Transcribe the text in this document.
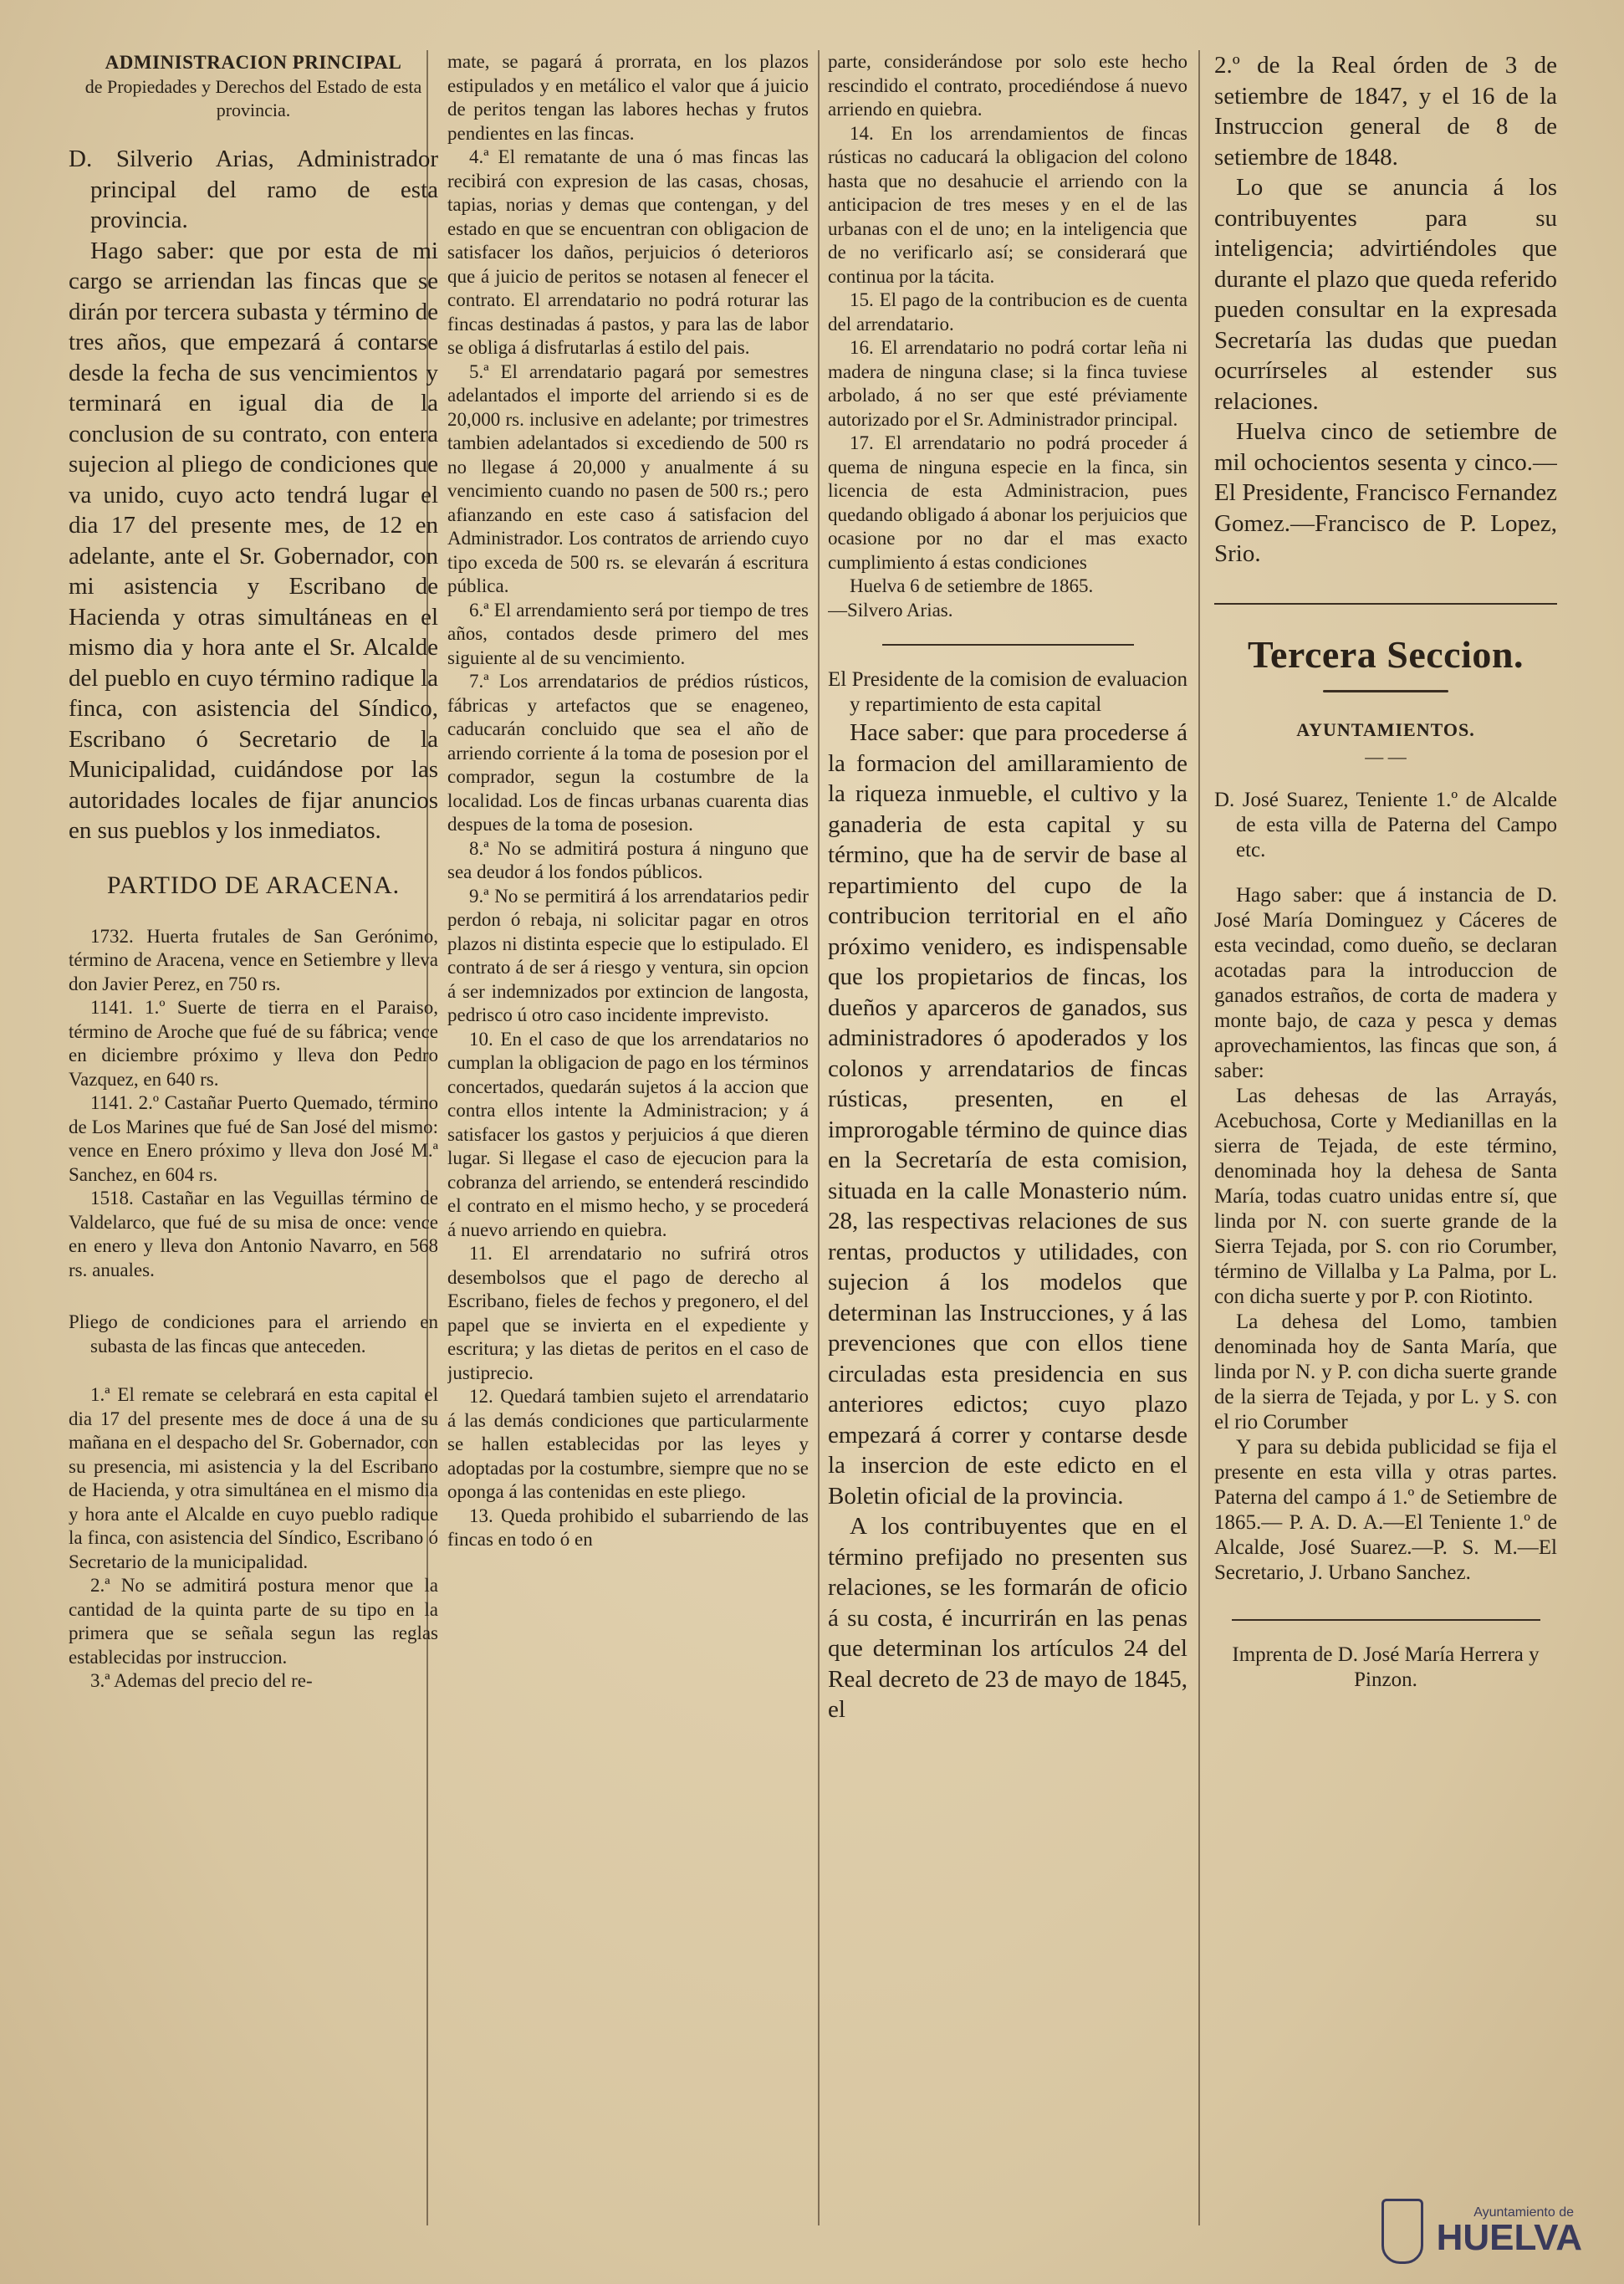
ADMINISTRACION PRINCIPAL
de Propiedades y Derechos del Estado de esta provincia.

D. Silverio Arias, Administrador principal del ramo de esta provincia.

Hago saber: que por esta de mi cargo se arriendan las fincas que se dirán por tercera subasta y término de tres años, que empezará á contarse desde la fecha de sus vencimientos y terminará en igual dia de la conclusion de su contrato, con entera sujecion al pliego de condiciones que va unido, cuyo acto tendrá lugar el dia 17 del presente mes, de 12 en adelante, ante el Sr. Gobernador, con mi asistencia y Escribano de Hacienda y otras simultáneas en el mismo dia y hora ante el Sr. Alcalde del pueblo en cuyo término radique la finca, con asistencia del Síndico, Escribano ó Secretario de la Municipalidad, cuidándose por las autoridades locales de fijar anuncios en sus pueblos y los inmediatos.

PARTIDO DE ARACENA.

1732. Huerta frutales de San Gerónimo, término de Aracena, vence en Setiembre y lleva don Javier Perez, en 750 rs.

1141. 1.º Suerte de tierra en el Paraiso, término de Aroche que fué de su fábrica; vence en diciembre próximo y lleva don Pedro Vazquez, en 640 rs.

1141. 2.º Castañar Puerto Quemado, término de Los Marines que fué de San José del mismo: vence en Enero próximo y lleva don José M.ª Sanchez, en 604 rs.

1518. Castañar en las Veguillas término de Valdelarco, que fué de su misa de once: vence en enero y lleva don Antonio Navarro, en 568 rs. anuales.

Pliego de condiciones para el arriendo en subasta de las fincas que anteceden.

1.ª El remate se celebrará en esta capital el dia 17 del presente mes de doce á una de su mañana en el despacho del Sr. Gobernador, con su presencia, mi asistencia y la del Escribano de Hacienda, y otra simultánea en el mismo dia y hora ante el Alcalde en cuyo pueblo radique la finca, con asistencia del Síndico, Escribano ó Secretario de la municipalidad.

2.ª No se admitirá postura menor que la cantidad de la quinta parte de su tipo en la primera que se señala segun las reglas establecidas por instruccion.

3.ª Ademas del precio del re-

mate, se pagará á prorrata, en los plazos estipulados y en metálico el valor que á juicio de peritos tengan las labores hechas y frutos pendientes en las fincas.

4.ª El rematante de una ó mas fincas las recibirá con expresion de las casas, chosas, tapias, norias y demas que contengan, y del estado en que se encuentran con obligacion de satisfacer los daños, perjuicios ó deterioros que á juicio de peritos se notasen al fenecer el contrato. El arrendatario no podrá roturar las fincas destinadas á pastos, y para las de labor se obliga á disfrutarlas á estilo del pais.

5.ª El arrendatario pagará por semestres adelantados el importe del arriendo si es de 20,000 rs. inclusive en adelante; por trimestres tambien adelantados si excediendo de 500 rs no llegase á 20,000 y anualmente á su vencimiento cuando no pasen de 500 rs.; pero afianzando en este caso á satisfacion del Administrador. Los contratos de arriendo cuyo tipo exceda de 500 rs. se elevarán á escritura pública.

6.ª El arrendamiento será por tiempo de tres años, contados desde primero del mes siguiente al de su vencimiento.

7.ª Los arrendatarios de prédios rústicos, fábricas y artefactos que se enageneo, caducarán concluido que sea el año de arriendo corriente á la toma de posesion por el comprador, segun la costumbre de la localidad. Los de fincas urbanas cuarenta dias despues de la toma de posesion.

8.ª No se admitirá postura á ninguno que sea deudor á los fondos públicos.

9.ª No se permitirá á los arrendatarios pedir perdon ó rebaja, ni solicitar pagar en otros plazos ni distinta especie que lo estipulado. El contrato á de ser á riesgo y ventura, sin opcion á ser indemnizados por extincion de langosta, pedrisco ú otro caso incidente imprevisto.

10. En el caso de que los arrendatarios no cumplan la obligacion de pago en los términos concertados, quedarán sujetos á la accion que contra ellos intente la Administracion; y á satisfacer los gastos y perjuicios á que dieren lugar. Si llegase el caso de ejecucion para la cobranza del arriendo, se entenderá rescindido el contrato en el mismo hecho, y se procederá á nuevo arriendo en quiebra.

11. El arrendatario no sufrirá otros desembolsos que el pago de derecho al Escribano, fieles de fechos y pregonero, el del papel que se invierta en el expediente y escritura; y las dietas de peritos en el caso de justiprecio.

12. Quedará tambien sujeto el arrendatario á las demás condiciones que particularmente se hallen establecidas por las leyes y adoptadas por la costumbre, siempre que no se oponga á las contenidas en este pliego.

13. Queda prohibido el subarriendo de las fincas en todo ó en

parte, considerándose por solo este hecho rescindido el contrato, procediéndose á nuevo arriendo en quiebra.

14. En los arrendamientos de fincas rústicas no caducará la obligacion del colono hasta que no desahucie el arriendo con la anticipacion de tres meses y en el de las urbanas con el de uno; en la inteligencia que de no verificarlo así; se considerará que continua por la tácita.

15. El pago de la contribucion es de cuenta del arrendatario.

16. El arrendatario no podrá cortar leña ni madera de ninguna clase; si la finca tuviese arbolado, á no ser que esté préviamente autorizado por el Sr. Administrador principal.

17. El arrendatario no podrá proceder á quema de ninguna especie en la finca, sin licencia de esta Administracion, pues quedando obligado á abonar los perjuicios que ocasione por no dar el mas exacto cumplimiento á estas condiciones

Huelva 6 de setiembre de 1865.

—Silvero Arias.

El Presidente de la comision de evaluacion y repartimiento de esta capital

Hace saber: que para procederse á la formacion del amillaramiento de la riqueza inmueble, el cultivo y la ganaderia de esta capital y su término, que ha de servir de base al repartimiento del cupo de la contribucion territorial en el año próximo venidero, es indispensable que los propietarios de fincas, los dueños y aparceros de ganados, sus administradores ó apoderados y los colonos y arrendatarios de fincas rústicas, presenten, en el improrogable término de quince dias en la Secretaría de esta comision, situada en la calle Monasterio núm. 28, las respectivas relaciones de sus rentas, productos y utilidades, con sujecion á los modelos que determinan las Instrucciones, y á las prevenciones que con ellos tiene circuladas esta presidencia en sus anteriores edictos; cuyo plazo empezará á correr y contarse desde la insercion de este edicto en el Boletin oficial de la provincia.

A los contribuyentes que en el término prefijado no presenten sus relaciones, se les formarán de oficio á su costa, é incurrirán en las penas que determinan los artículos 24 del Real decreto de 23 de mayo de 1845, el

2.º de la Real órden de 3 de setiembre de 1847, y el 16 de la Instruccion general de 8 de setiembre de 1848.

Lo que se anuncia á los contribuyentes para su inteligencia; advirtiéndoles que durante el plazo que queda referido pueden consultar en la expresada Secretaría las dudas que puedan ocurrírseles al estender sus relaciones.

Huelva cinco de setiembre de mil ochocientos sesenta y cinco.—El Presidente, Francisco Fernandez Gomez.—Francisco de P. Lopez, Srio.

Tercera Seccion.
AYUNTAMIENTOS.
— —

D. José Suarez, Teniente 1.º de Alcalde de esta villa de Paterna del Campo etc.

Hago saber: que á instancia de D. José María Dominguez y Cáceres de esta vecindad, como dueño, se declaran acotadas para la introduccion de ganados estraños, de corta de madera y monte bajo, de caza y pesca y demas aprovechamientos, las fincas que son, á saber:

Las dehesas de las Arrayás, Acebuchosa, Corte y Medianillas en la sierra de Tejada, de este término, denominada hoy la dehesa de Santa María, todas cuatro unidas entre sí, que linda por N. con suerte grande de la Sierra Tejada, por S. con rio Corumber, término de Villalba y La Palma, por L. con dicha suerte y por P. con Riotinto.

La dehesa del Lomo, tambien denominada hoy de Santa María, que linda por N. y P. con dicha suerte grande de la sierra de Tejada, y por L. y S. con el rio Corumber

Y para su debida publicidad se fija el presente en esta villa y otras partes. Paterna del campo á 1.º de Setiembre de 1865.— P. A. D. A.—El Teniente 1.º de Alcalde, José Suarez.—P. S. M.—El Secretario, J. Urbano Sanchez.

Imprenta de D. José María Herrera y Pinzon.

Ayuntamiento de
HUELVA
